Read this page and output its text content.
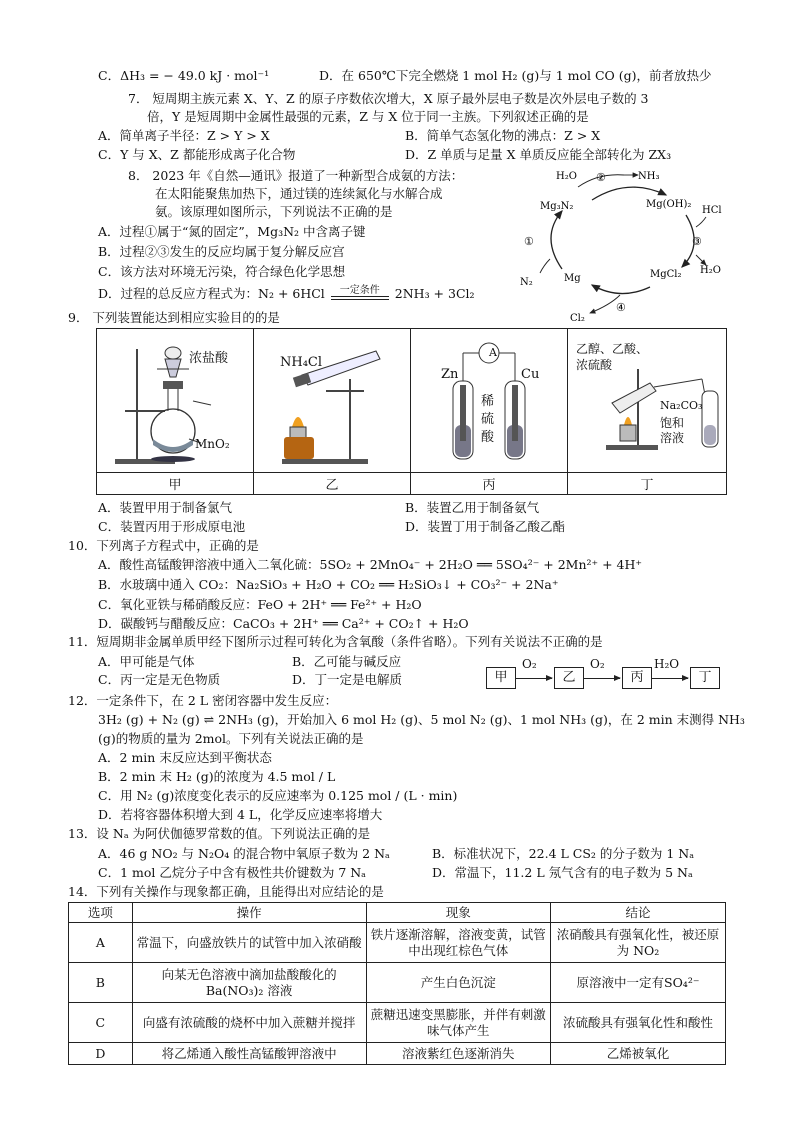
C．ΔH₃ = − 49.0 kJ · mol⁻¹	D．在 650℃下完全燃烧 1 mol H₂ (g)与 1 mol CO (g)，前者放热少
7． 短周期主族元素 X、Y、Z 的原子序数依次增大，X 原子最外层电子数是次外层电子数的 3
倍，Y 是短周期中金属性最强的元素，Z 与 X 位于同一主族。下列叙述正确的是
A．简单离子半径：Z > Y > X	B．简单气态氢化物的沸点：Z > X
C．Y 与 X、Z 都能形成离子化合物	D．Z 单质与足量 X 单质反应能全部转化为 ZX₃
8． 2023 年《自然—通讯》报道了一种新型合成氨的方法：
在太阳能聚焦加热下，通过镁的连续氮化与水解合成
氨。该原理如图所示，下列说法不正确的是
A．过程①属于“氮的固定”，Mg₃N₂ 中含离子键
B．过程②③发生的反应均属于复分解反应宫
C．该方法对环境无污染，符合绿色化学思想
D．过程的总反应方程式为：N₂ + 6HCl 一定条件 2NH₃ + 3Cl₂
H₂O ②	NH₃
Mg₃N₂	Mg(OH)₂
HCl
①	③
H₂O
N₂	Mg	MgCl₂
④
Cl₂
9． 下列装置能达到相应实验目的的是
浓盐酸
MnO₂	NH₄Cl	A
Zn Cu
稀硫酸	乙醇、乙酸、浓硫酸
Na₂CO₃
饱和
溶液

甲	乙	丙	丁
A．装置甲用于制备氯气	B．装置乙用于制备氨气
C．装置丙用于形成原电池	D．装置丁用于制备乙酸乙酯
10．下列离子方程式中，正确的是
A．酸性高锰酸钾溶液中通入二氧化硫：5SO₂ + 2MnO₄⁻ + 2H₂O ══ 5SO₄²⁻ + 2Mn²⁺ + 4H⁺
B．水玻璃中通入 CO₂：Na₂SiO₃ + H₂O + CO₂ ══ H₂SiO₃↓ + CO₃²⁻ + 2Na⁺
C．氧化亚铁与稀硝酸反应：FeO + 2H⁺ ══ Fe²⁺ + H₂O
D．碳酸钙与醋酸反应：CaCO₃ + 2H⁺ ══ Ca²⁺ + CO₂↑ + H₂O
11．短周期非金属单质甲经下图所示过程可转化为含氧酸（条件省略）。下列有关说法不正确的是
A．甲可能是气体	B．乙可能与碱反应
C．丙一定是无色物质	D．丁一定是电解质	甲
O₂
乙
O₂
丙
H₂O
丁
12．一定条件下，在 2 L 密闭容器中发生反应：
3H₂ (g) + N₂ (g) ⇌ 2NH₃ (g)，开始加入 6 mol H₂ (g)、5 mol N₂ (g)、1 mol NH₃ (g)，在 2 min 末测得 NH₃
(g)的物质的量为 2mol。下列有关说法正确的是
A．2 min 末反应达到平衡状态
B．2 min 末 H₂ (g)的浓度为 4.5 mol / L
C．用 N₂ (g)浓度变化表示的反应速率为 0.125 mol / (L · min)
D．若将容器体积增大到 4 L，化学反应速率将增大
13．设 Nₐ 为阿伏伽德罗常数的值。下列说法正确的是
A．46 g NO₂ 与 N₂O₄ 的混合物中氧原子数为 2 Nₐ	B．标准状况下，22.4 L CS₂ 的分子数为 1 Nₐ
C．1 mol 乙烷分子中含有极性共价键数为 7 Nₐ	D．常温下，11.2 L 氖气含有的电子数为 5 Nₐ
14．下列有关操作与现象都正确，且能得出对应结论的是
选项	操作	现象	结论
A	常温下，向盛放铁片的试管中加入浓硝酸	铁片逐渐溶解，溶液变黄，试管中出现红棕色气体	浓硝酸具有强氧化性，被还原为 NO₂
B	向某无色溶液中滴加盐酸酸化的 Ba(NO₃)₂ 溶液	产生白色沉淀	原溶液中一定有SO₄²⁻
C	向盛有浓硫酸的烧杯中加入蔗糖并搅拌	蔗糖迅速变黑膨胀，并伴有刺激味气体产生	浓硫酸具有强氧化性和酸性
D	将乙烯通入酸性高锰酸钾溶液中	溶液紫红色逐渐消失	乙烯被氧化
